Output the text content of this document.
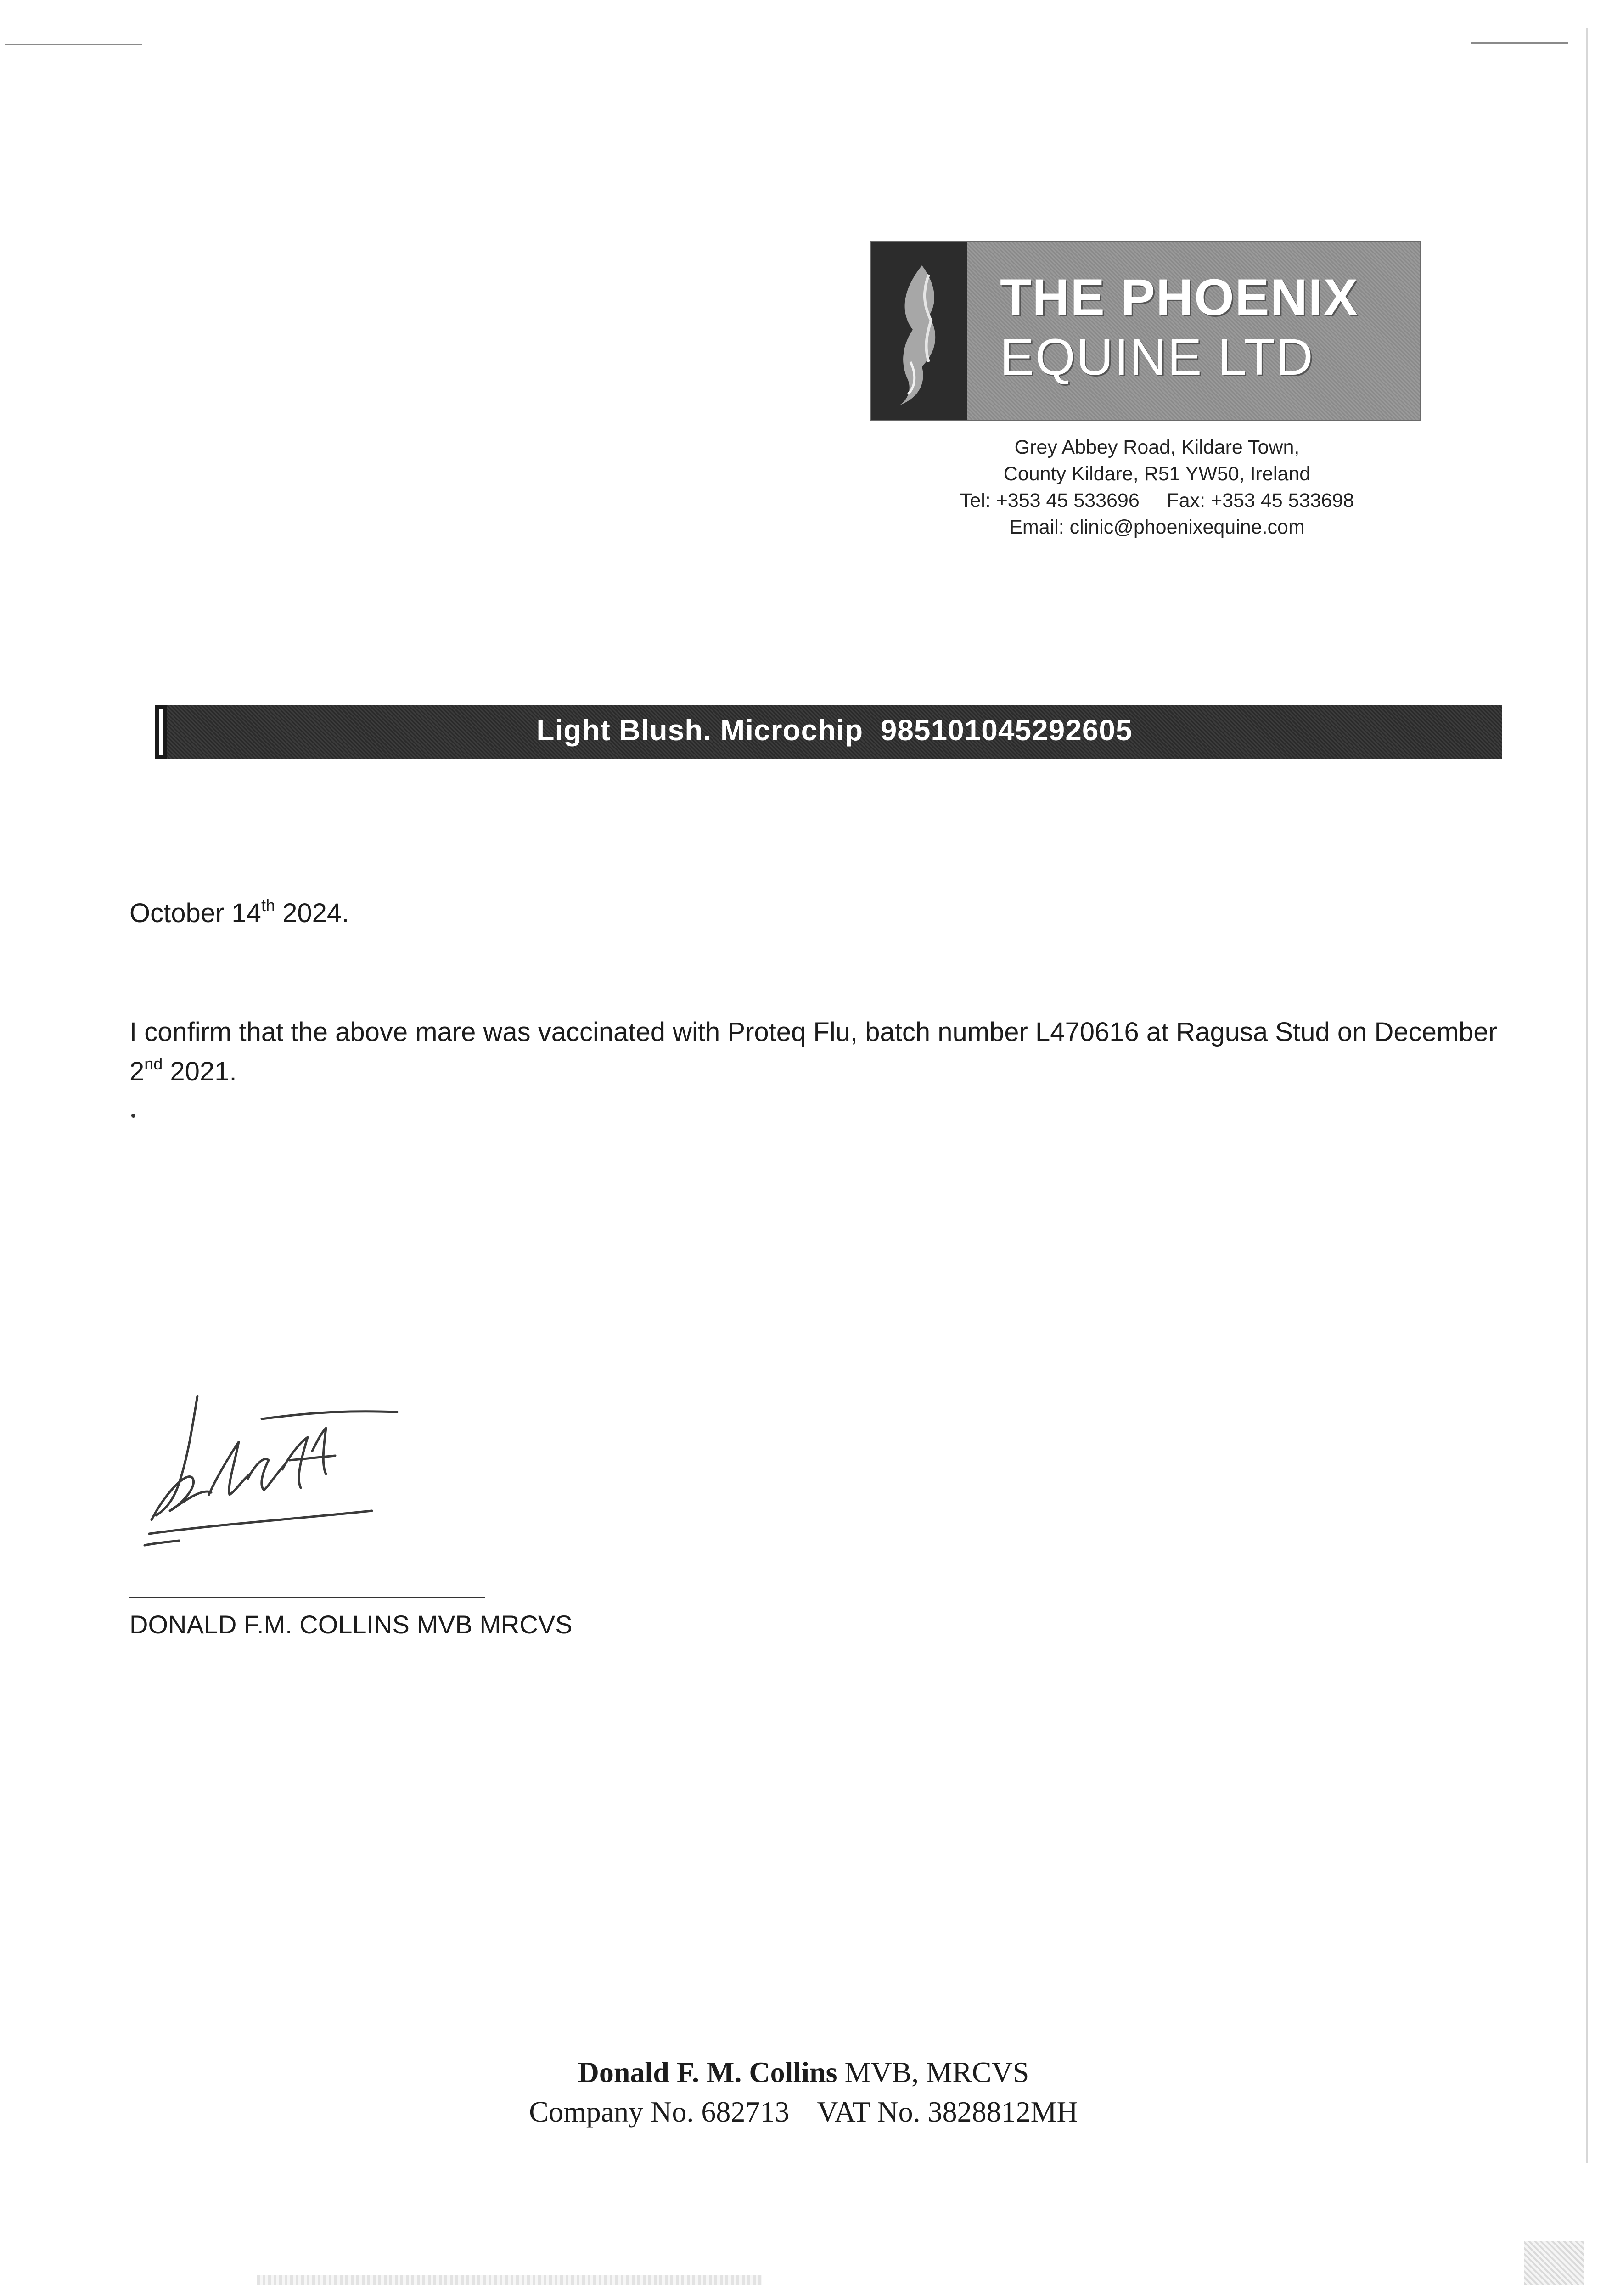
THE PHOENIX
EQUINE LTD
Grey Abbey Road, Kildare Town,
County Kildare, R51 YW50, Ireland
Tel: +353 45 533696 Fax: +353 45 533698
Email: clinic@phoenixequine.com
Light Blush. Microchip  985101045292605
October 14th 2024.
I confirm that the above mare was vaccinated with Proteq Flu, batch number L470616 at Ragusa Stud on December 2nd 2021.
DONALD F.M. COLLINS MVB MRCVS
Donald F. M. Collins MVB, MRCVS
Company No. 682713 VAT No. 3828812MH
